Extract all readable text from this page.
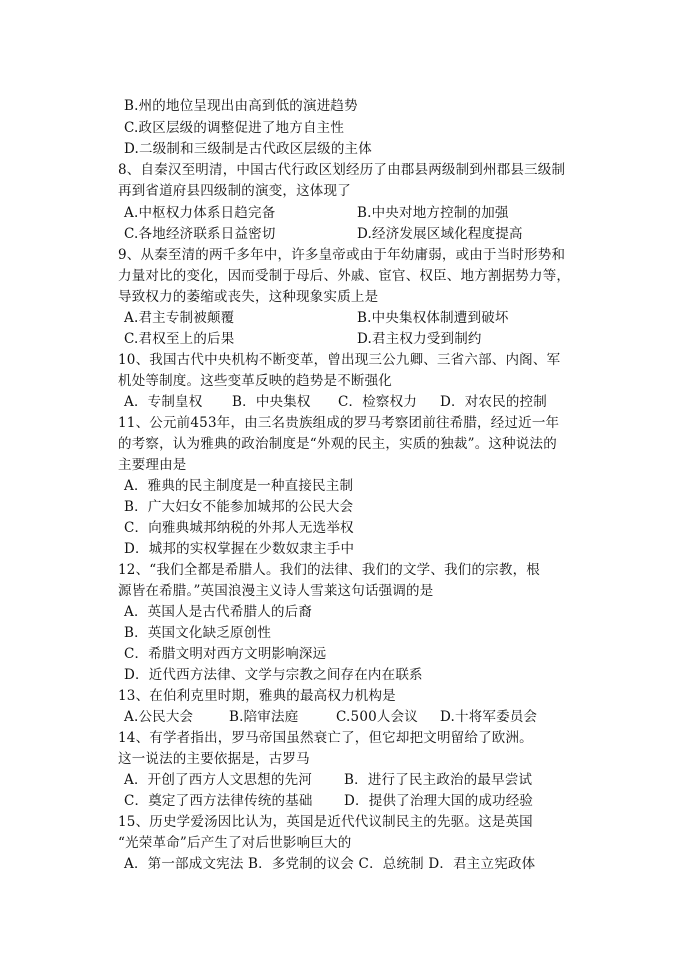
B.州的地位呈现出由高到低的演进趋势
C.政区层级的调整促进了地方自主性
D.二级制和三级制是古代政区层级的主体
8、自秦汉至明清，中国古代行政区划经历了由郡县两级制到州郡县三级制
再到省道府县四级制的演变，这体现了
A.中枢权力体系日趋完备	B.中央对地方控制的加强
C.各地经济联系日益密切	D.经济发展区域化程度提高
9、从秦至清的两千多年中，许多皇帝或由于年幼庸弱，或由于当时形势和
力量对比的变化，因而受制于母后、外戚、宦官、权臣、地方割据势力等，
导致权力的萎缩或丧失，这种现象实质上是
A.君主专制被颠覆	B.中央集权体制遭到破坏
C.君权至上的后果	D.君主权力受到制约
10、我国古代中央机构不断变革，曾出现三公九卿、三省六部、内阁、军
机处等制度。这些变革反映的趋势是不断强化
A．专制皇权 B．中央集权 C．检察权力 D．对农民的控制
11、公元前453年，由三名贵族组成的罗马考察团前往希腊，经过近一年
的考察，认为雅典的政治制度是“外观的民主，实质的独裁”。这种说法的
主要理由是
A．雅典的民主制度是一种直接民主制
B．广大妇女不能参加城邦的公民大会
C．向雅典城邦纳税的外邦人无选举权
D．城邦的实权掌握在少数奴隶主手中
12、“我们全都是希腊人。我们的法律、我们的文学、我们的宗教，根
源皆在希腊。”英国浪漫主义诗人雪莱这句话强调的是
A．英国人是古代希腊人的后裔
B．英国文化缺乏原创性
C．希腊文明对西方文明影响深远
D．近代西方法律、文学与宗教之间存在内在联系
13、在伯利克里时期，雅典的最高权力机构是
A.公民大会	B.陪审法庭	C.500人会议 D.十将军委员会
14、有学者指出，罗马帝国虽然衰亡了，但它却把文明留给了欧洲。
这一说法的主要依据是，古罗马
A．开创了西方人文思想的先河 B．进行了民主政治的最早尝试
C．奠定了西方法律传统的基础 D．提供了治理大国的成功经验
15、历史学爱汤因比认为，英国是近代代议制民主的先驱。这是英国
“光荣革命”后产生了对后世影响巨大的
A．第一部成文宪法 B．多党制的议会 C．总统制 D．君主立宪政体
